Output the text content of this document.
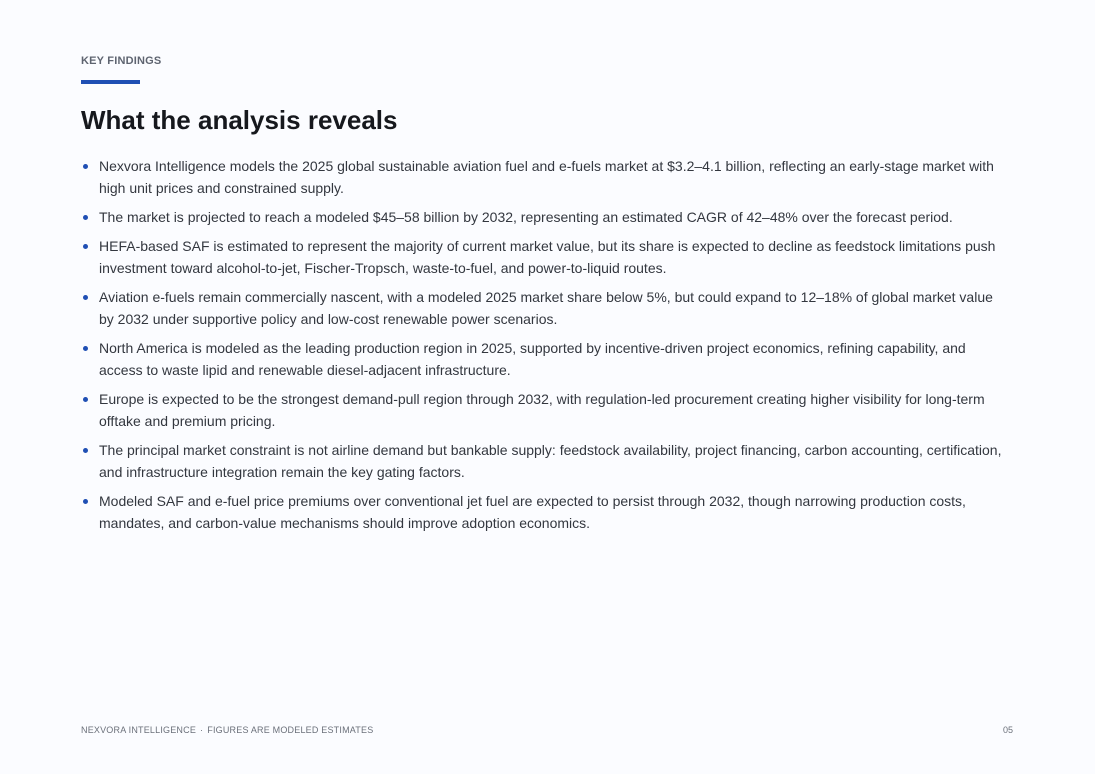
KEY FINDINGS
What the analysis reveals
Nexvora Intelligence models the 2025 global sustainable aviation fuel and e-fuels market at $3.2–4.1 billion, reflecting an early-stage market with high unit prices and constrained supply.
The market is projected to reach a modeled $45–58 billion by 2032, representing an estimated CAGR of 42–48% over the forecast period.
HEFA-based SAF is estimated to represent the majority of current market value, but its share is expected to decline as feedstock limitations push investment toward alcohol-to-jet, Fischer-Tropsch, waste-to-fuel, and power-to-liquid routes.
Aviation e-fuels remain commercially nascent, with a modeled 2025 market share below 5%, but could expand to 12–18% of global market value by 2032 under supportive policy and low-cost renewable power scenarios.
North America is modeled as the leading production region in 2025, supported by incentive-driven project economics, refining capability, and access to waste lipid and renewable diesel-adjacent infrastructure.
Europe is expected to be the strongest demand-pull region through 2032, with regulation-led procurement creating higher visibility for long-term offtake and premium pricing.
The principal market constraint is not airline demand but bankable supply: feedstock availability, project financing, carbon accounting, certification, and infrastructure integration remain the key gating factors.
Modeled SAF and e-fuel price premiums over conventional jet fuel are expected to persist through 2032, though narrowing production costs, mandates, and carbon-value mechanisms should improve adoption economics.
NEXVORA INTELLIGENCE · FIGURES ARE MODELED ESTIMATES	05
